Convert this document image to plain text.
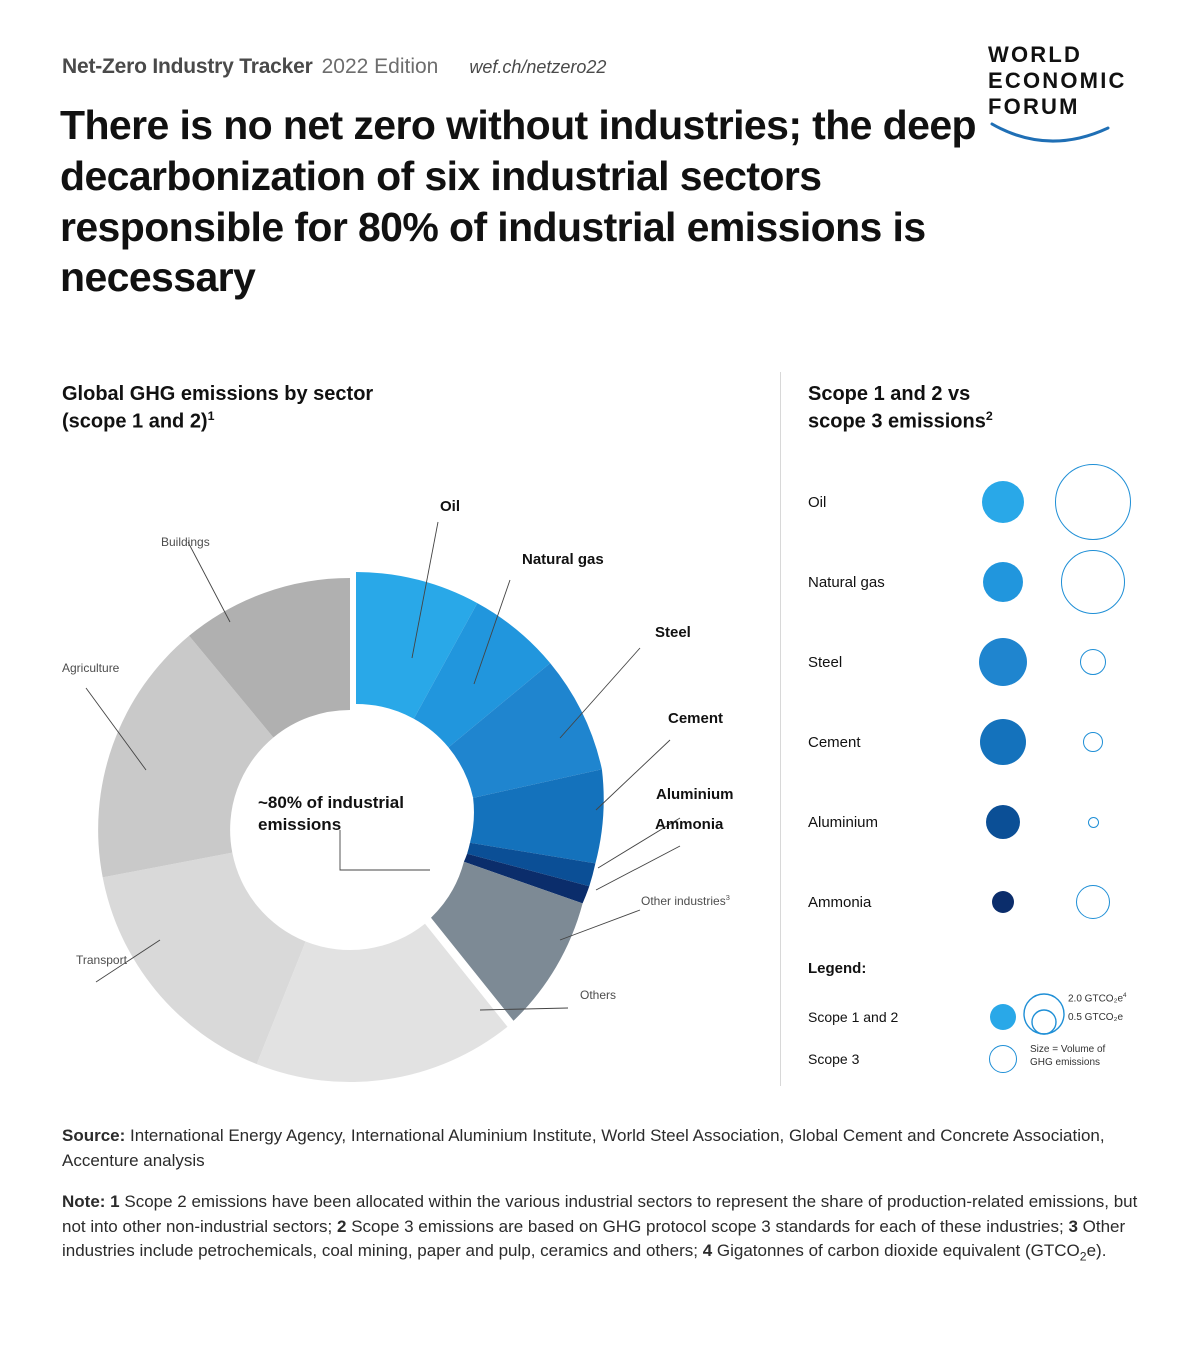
Net-Zero Industry Tracker 2022 Edition wef.ch/netzero22	WORLD
ECONOMIC
FORUM
There is no net zero without industries; the deep decarbonization of six industrial sectors responsible for 80% of industrial emissions is necessary
Global GHG emissions by sector
(scope 1 and 2)$^1$
~80% of industrial emissions
Oil
Natural gas
Steel
Cement
Aluminium
Ammonia
Other industries$^3$
Others
Transport
Agriculture
Buildings
Scope 1 and 2 vs
scope 3 emissions$^2$
Oil
Natural gas
Steel
Cement
Aluminium
Ammonia
Legend:
Scope 1 and 2
Scope 3
2.0 $GTCO_2e^4$
0.5 GTCO₂e
Size = Volume of
GHG emissions
Source: International Energy Agency, International Aluminium Institute, World Steel Association, Global Cement and Concrete Association, Accenture analysis
Note: 1 Scope 2 emissions have been allocated within the various industrial sectors to represent the share of production-related emissions, but not into other non-industrial sectors; 2 Scope 3 emissions are based on GHG protocol scope 3 standards for each of these industries; 3 Other industries include petrochemicals, coal mining, paper and pulp, ceramics and others; 4 Gigatonnes of carbon dioxide equivalent $(GTCO_2e)$.
